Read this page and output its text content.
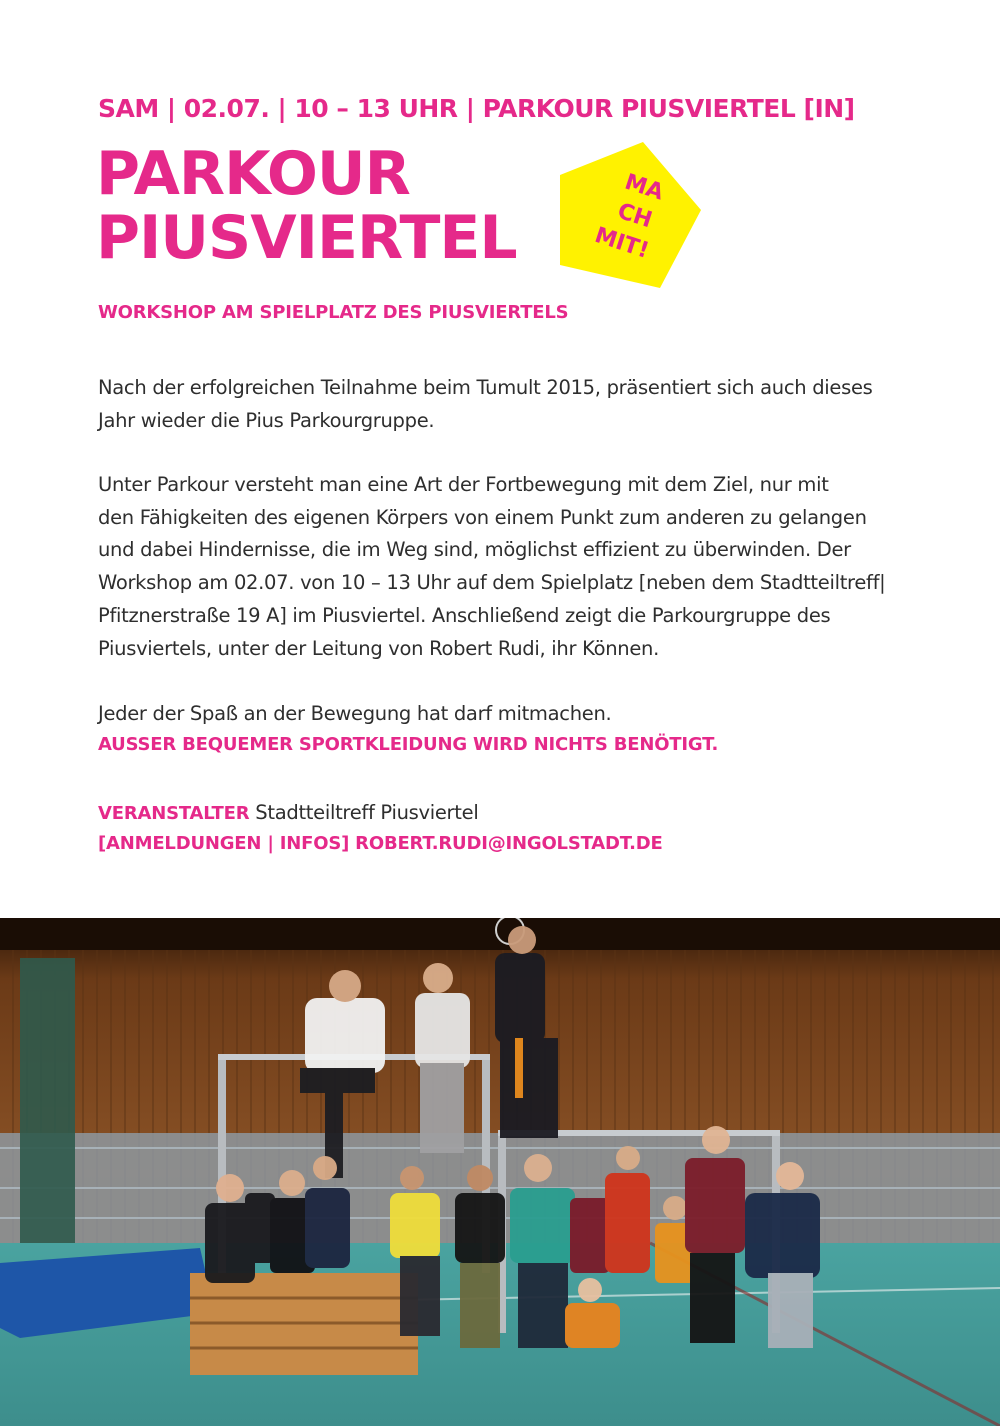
SAM | 02.07. | 10 – 13 UHR | PARKOUR PIUSVIERTEL [IN]

PARKOUR
PIUSVIERTEL
MA
CH
MIT!
WORKSHOP AM SPIELPLATZ DES PIUSVIERTELS

Nach der erfolgreichen Teilnahme beim Tumult 2015, präsentiert sich auch dieses
Jahr wieder die Pius Parkourgruppe.

Unter Parkour versteht man eine Art der Fortbewegung mit dem Ziel, nur mit
den Fähigkeiten des eigenen Körpers von einem Punkt zum anderen zu gelangen
und dabei Hindernisse, die im Weg sind, möglichst effizient zu überwinden. Der
Workshop am 02.07. von 10 – 13 Uhr auf dem Spielplatz [neben dem Stadtteiltreff|
Pfitznerstraße 19 A] im Piusviertel. Anschließend zeigt die Parkourgruppe des
Piusviertels, unter der Leitung von Robert Rudi, ihr Können.

Jeder der Spaß an der Bewegung hat darf mitmachen.

AUSSER BEQUEMER SPORTKLEIDUNG WIRD NICHTS BENÖTIGT.

VERANSTALTER Stadtteiltreff Piusviertel

[ANMELDUNGEN | INFOS] ROBERT.RUDI@INGOLSTADT.DE
